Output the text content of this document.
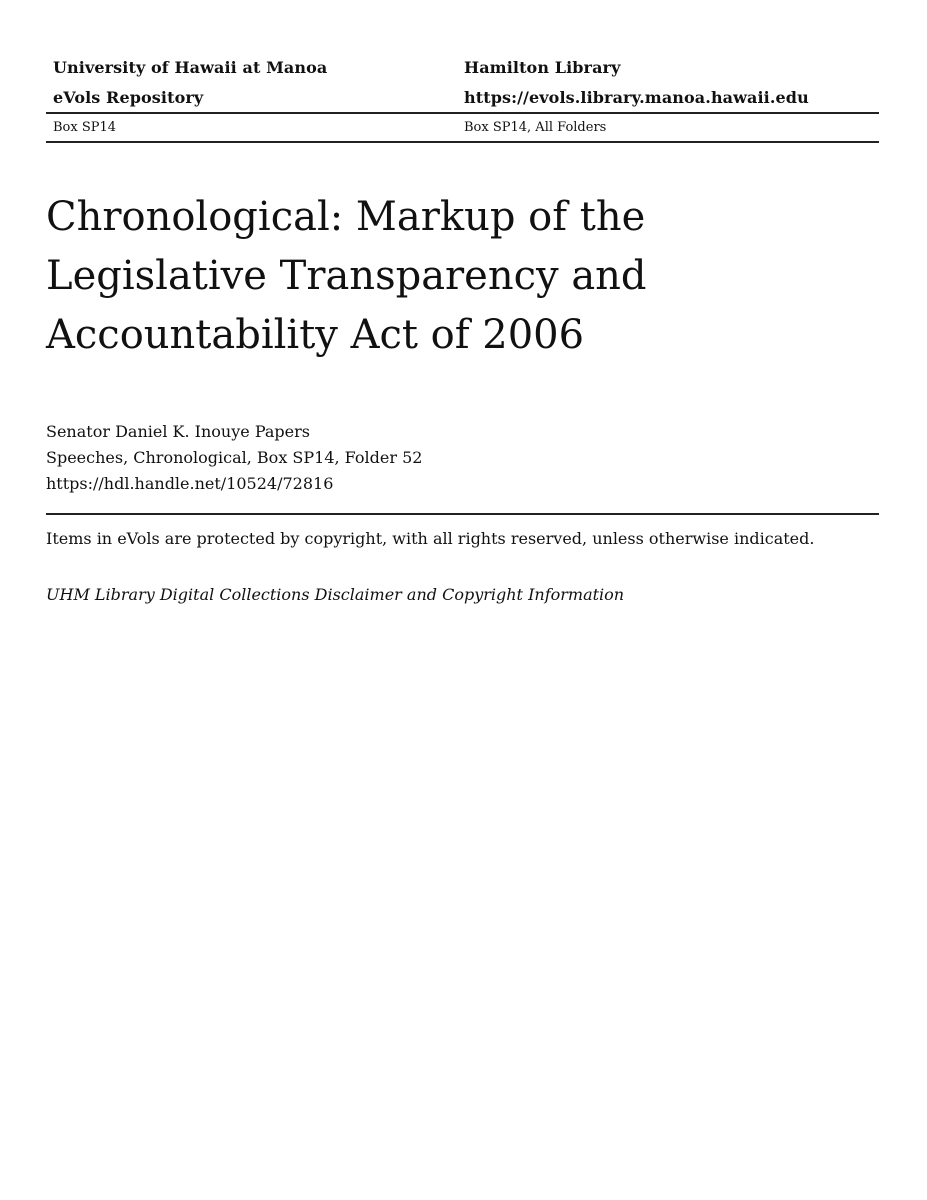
University of Hawaii at Manoa	Hamilton Library
eVols Repository	https://evols.library.manoa.hawaii.edu
Box SP14	Box SP14, All Folders
Chronological: Markup of the
Legislative Transparency and
Accountability Act of 2006
Senator Daniel K. Inouye Papers
Speeches, Chronological, Box SP14, Folder 52
https://hdl.handle.net/10524/72816
Items in eVols are protected by copyright, with all rights reserved, unless otherwise indicated.
UHM Library Digital Collections Disclaimer and Copyright Information
